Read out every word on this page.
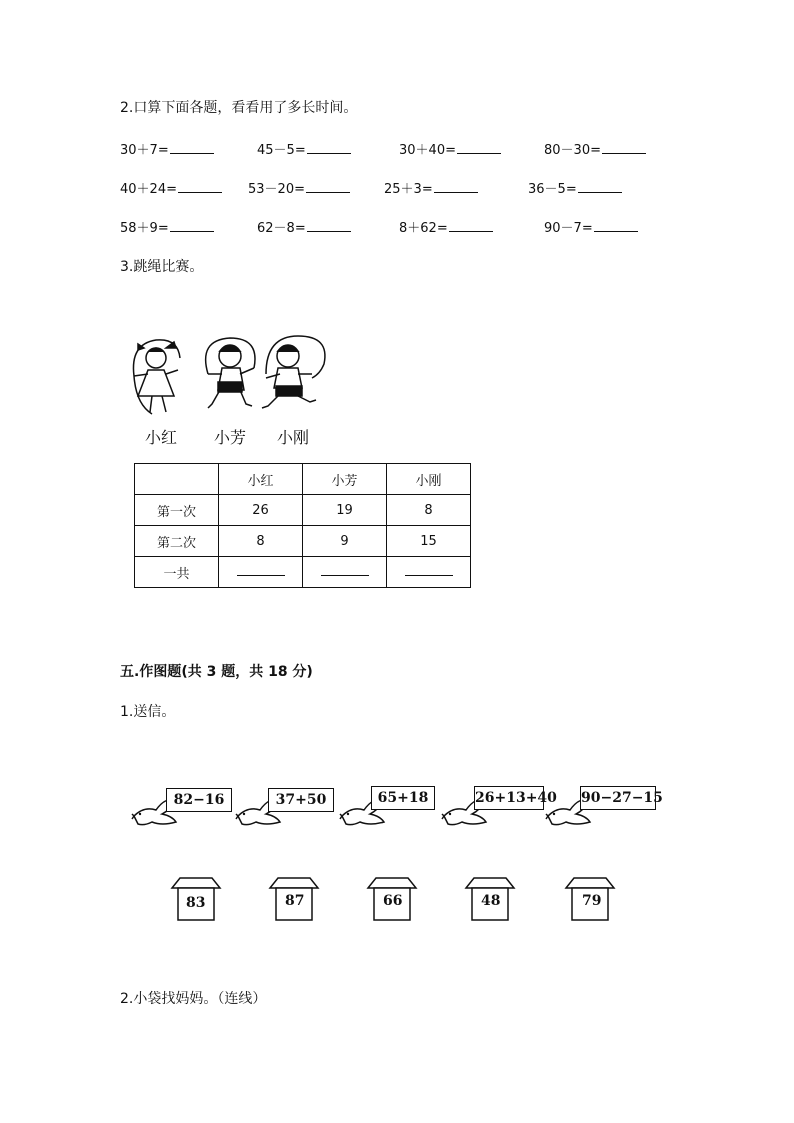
2.口算下面各题，看看用了多长时间。
30＋7=	45－5=	30＋40=	80－30=
40＋24=	53－20=	25＋3=	36－5=
58＋9=	62－8=	8＋62=	90－7=
3.跳绳比赛。
小红 小芳 小刚
	小红	小芳	小刚
第一次	26	19	8
第二次	8	9	15
一共			
五.作图题(共 3 题，共 18 分)
1.送信。
82−16	37+50	65+18	26+13+40 90−27−15
83	87	66	48	79
2.小袋找妈妈。（连线）
